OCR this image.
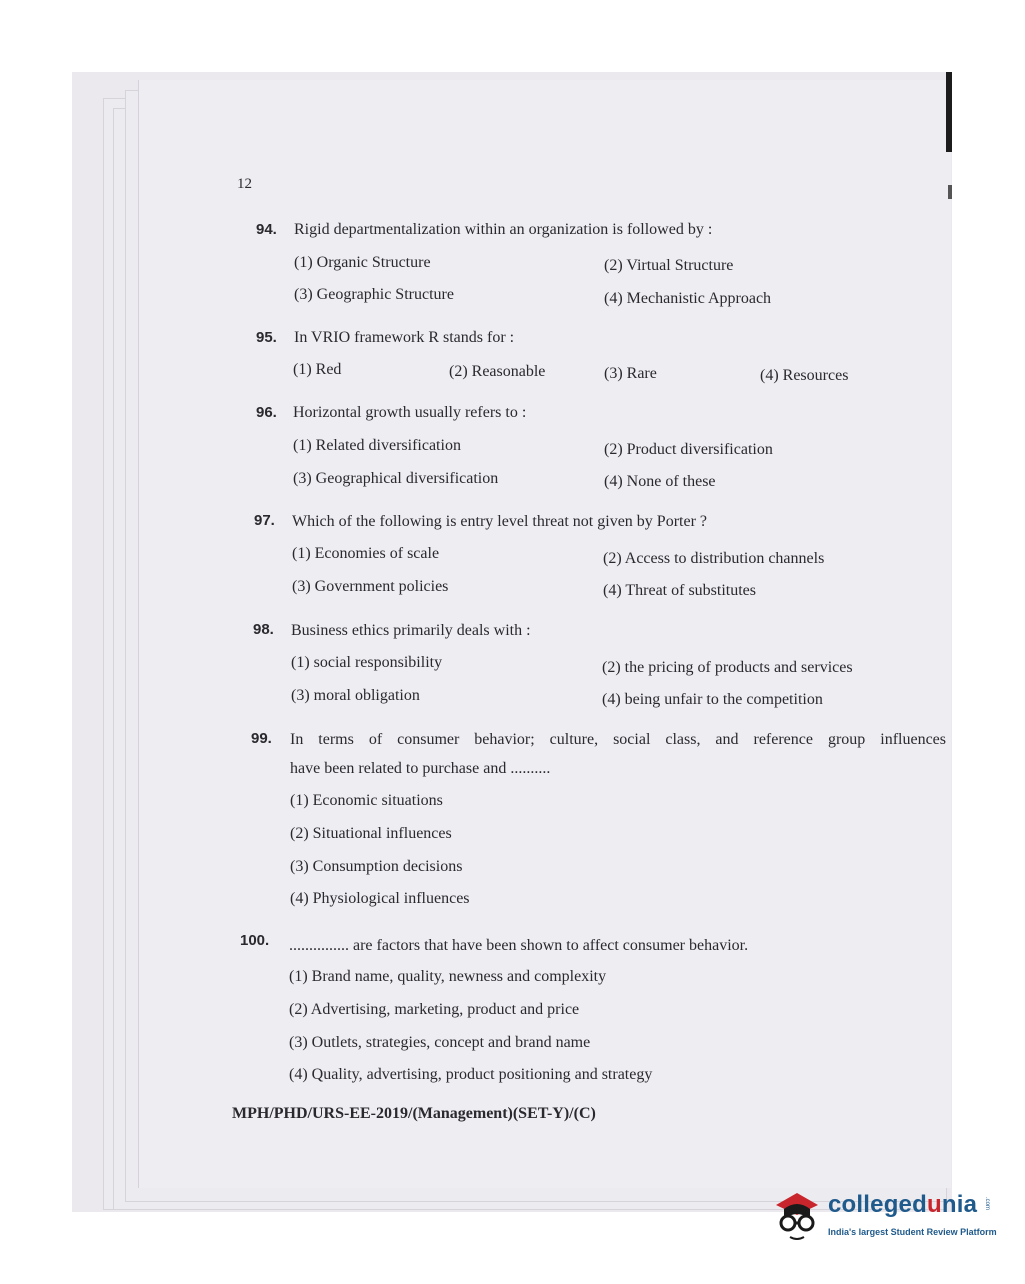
12
94. Rigid departmentalization within an organization is followed by :
(1) Organic Structure	(2) Virtual Structure
(3) Geographic Structure	(4) Mechanistic Approach
95. In VRIO framework R stands for :
(1) Red	(2) Reasonable	(3) Rare	(4) Resources
96. Horizontal growth usually refers to :
(1) Related diversification	(2) Product diversification
(3) Geographical diversification	(4) None of these
97. Which of the following is entry level threat not given by Porter ?
(1) Economies of scale	(2) Access to distribution channels
(3) Government policies	(4) Threat of substitutes
98. Business ethics primarily deals with :
(1) social responsibility	(2) the pricing of products and services
(3) moral obligation	(4) being unfair to the competition
99. In terms of consumer behavior; culture, social class, and reference group influences
have been related to purchase and ..........
(1) Economic situations
(2) Situational influences
(3) Consumption decisions
(4) Physiological influences
100. ............... are factors that have been shown to affect consumer behavior.
(1) Brand name, quality, newness and complexity
(2) Advertising, marketing, product and price
(3) Outlets, strategies, concept and brand name
(4) Quality, advertising, product positioning and strategy
MPH/PHD/URS-EE-2019/(Management)(SET-Y)/(C)
collegedunia .com
India's largest Student Review Platform
